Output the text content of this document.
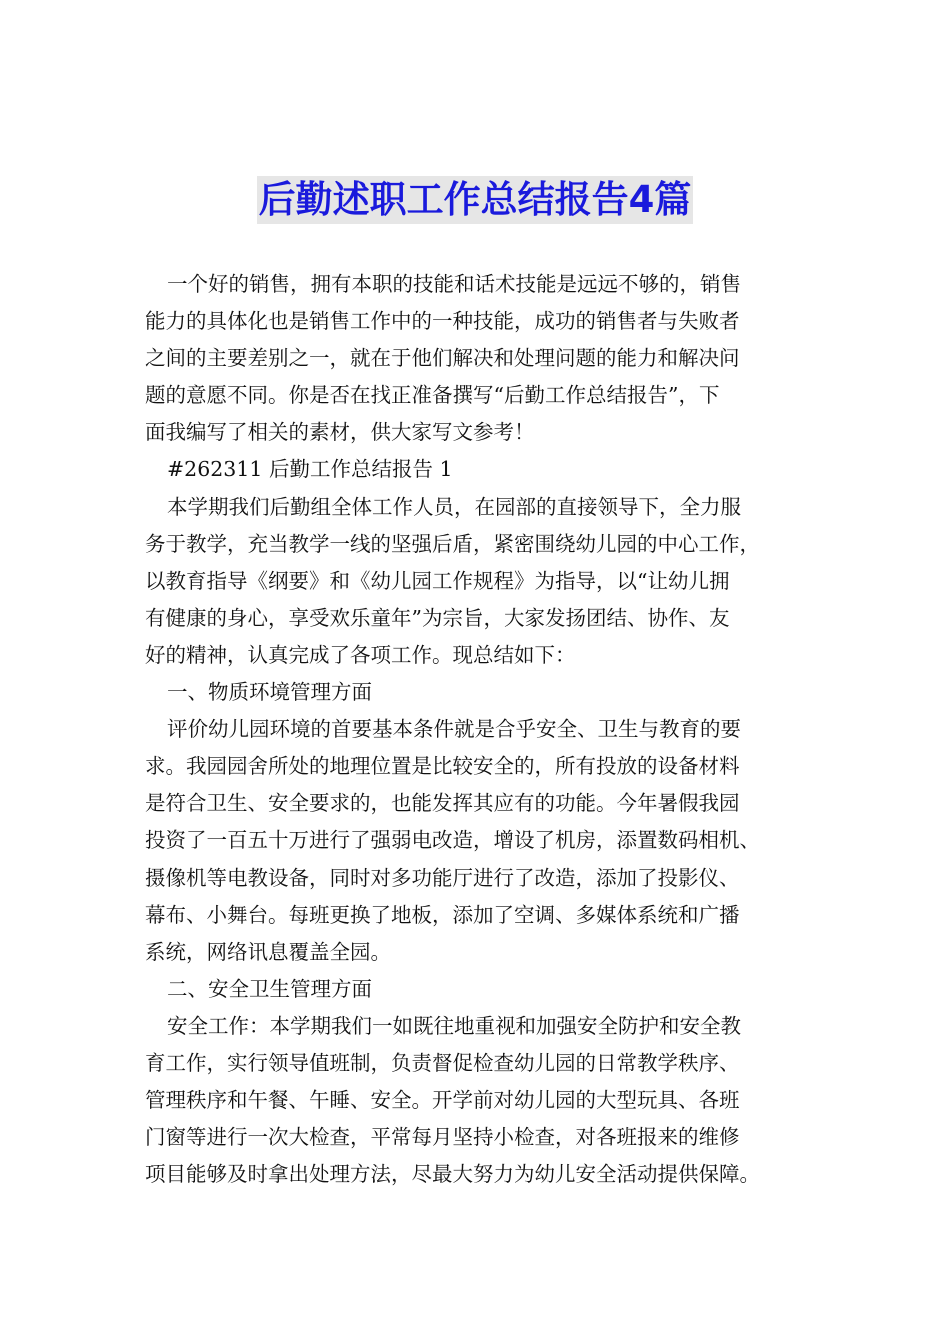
后勤述职工作总结报告4篇

一个好的销售，拥有本职的技能和话术技能是远远不够的，销售
能力的具体化也是销售工作中的一种技能，成功的销售者与失败者
之间的主要差别之一，就在于他们解决和处理问题的能力和解决问
题的意愿不同。你是否在找正准备撰写“后勤工作总结报告”，下
面我编写了相关的素材，供大家写文参考！

#262311 后勤工作总结报告 1

本学期我们后勤组全体工作人员，在园部的直接领导下，全力服
务于教学，充当教学一线的坚强后盾，紧密围绕幼儿园的中心工作，
以教育指导《纲要》和《幼儿园工作规程》为指导，以“让幼儿拥
有健康的身心，享受欢乐童年”为宗旨，大家发扬团结、协作、友
好的精神，认真完成了各项工作。现总结如下：

一、物质环境管理方面

评价幼儿园环境的首要基本条件就是合乎安全、卫生与教育的要
求。我园园舍所处的地理位置是比较安全的，所有投放的设备材料
是符合卫生、安全要求的，也能发挥其应有的功能。今年暑假我园
投资了一百五十万进行了强弱电改造，增设了机房，添置数码相机、
摄像机等电教设备，同时对多功能厅进行了改造，添加了投影仪、
幕布、小舞台。每班更换了地板，添加了空调、多媒体系统和广播
系统，网络讯息覆盖全园。

二、安全卫生管理方面

安全工作：本学期我们一如既往地重视和加强安全防护和安全教
育工作，实行领导值班制，负责督促检查幼儿园的日常教学秩序、
管理秩序和午餐、午睡、安全。开学前对幼儿园的大型玩具、各班
门窗等进行一次大检查，平常每月坚持小检查，对各班报来的维修
项目能够及时拿出处理方法，尽最大努力为幼儿安全活动提供保障。
